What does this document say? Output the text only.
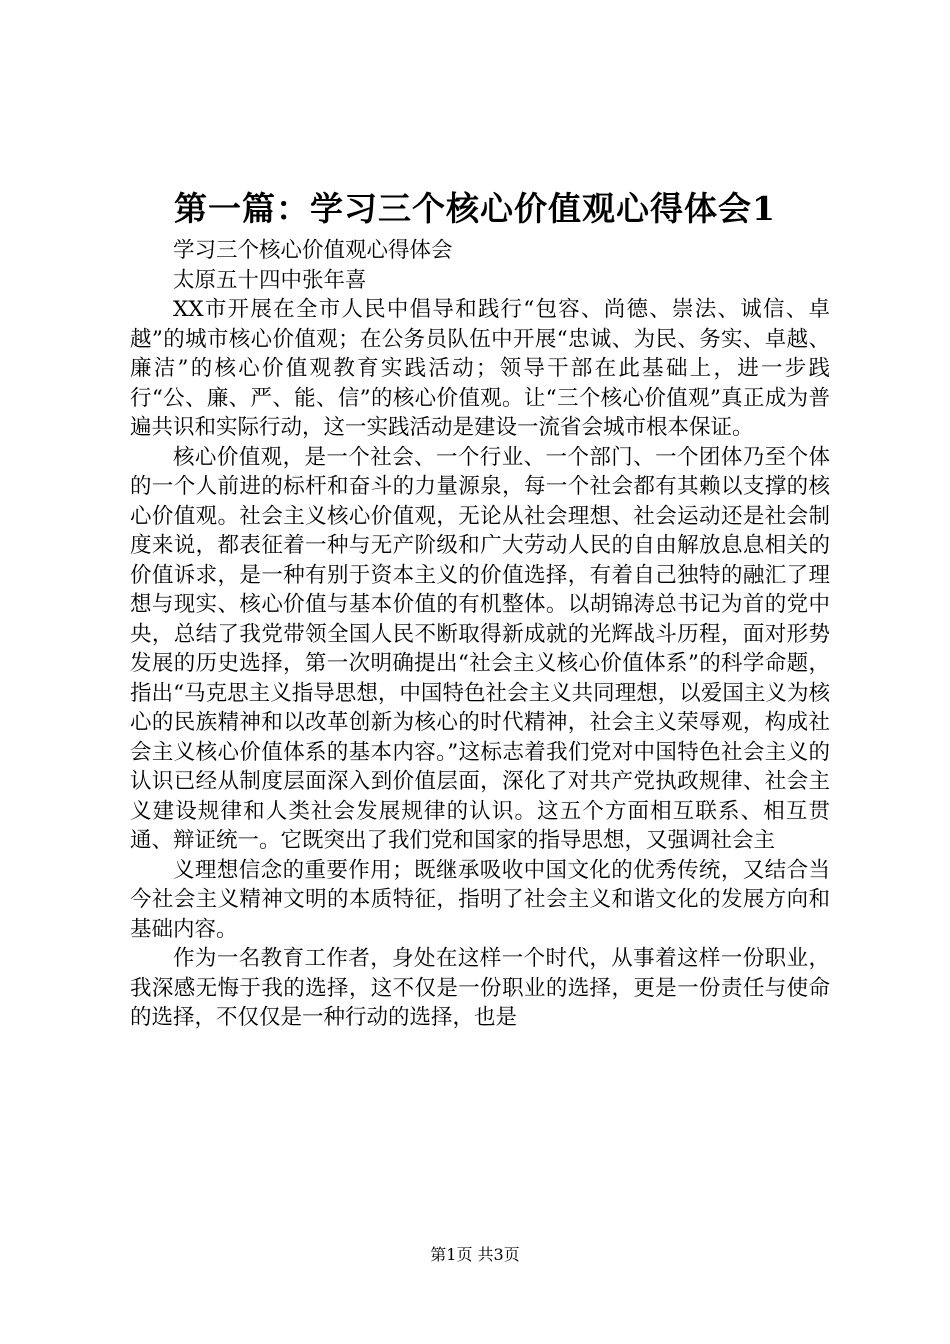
第一篇：学习三个核心价值观心得体会1

学习三个核心价值观心得体会

太原五十四中张年喜

XX市开展在全市人民中倡导和践行“包容、尚德、崇法、诚信、卓越”的城市核心价值观；在公务员队伍中开展“忠诚、为民、务实、卓越、廉洁”的核心价值观教育实践活动；领导干部在此基础上，进一步践行“公、廉、严、能、信”的核心价值观。让“三个核心价值观”真正成为普遍共识和实际行动，这一实践活动是建设一流省会城市根本保证。

核心价值观，是一个社会、一个行业、一个部门、一个团体乃至个体的一个人前进的标杆和奋斗的力量源泉，每一个社会都有其赖以支撑的核心价值观。社会主义核心价值观，无论从社会理想、社会运动还是社会制度来说，都表征着一种与无产阶级和广大劳动人民的自由解放息息相关的价值诉求，是一种有别于资本主义的价值选择，有着自己独特的融汇了理想与现实、核心价值与基本价值的有机整体。以胡锦涛总书记为首的党中央，总结了我党带领全国人民不断取得新成就的光辉战斗历程，面对形势发展的历史选择，第一次明确提出“社会主义核心价值体系”的科学命题，指出“马克思主义指导思想，中国特色社会主义共同理想，以爱国主义为核心的民族精神和以改革创新为核心的时代精神，社会主义荣辱观，构成社会主义核心价值体系的基本内容。”这标志着我们党对中国特色社会主义的认识已经从制度层面深入到价值层面，深化了对共产党执政规律、社会主义建设规律和人类社会发展规律的认识。这五个方面相互联系、相互贯通、辩证统一。它既突出了我们党和国家的指导思想，又强调社会主

义理想信念的重要作用；既继承吸收中国文化的优秀传统，又结合当今社会主义精神文明的本质特征，指明了社会主义和谐文化的发展方向和基础内容。

作为一名教育工作者，身处在这样一个时代，从事着这样一份职业，我深感无悔于我的选择，这不仅是一份职业的选择，更是一份责任与使命的选择，不仅仅是一种行动的选择，也是

第1页 共3页
